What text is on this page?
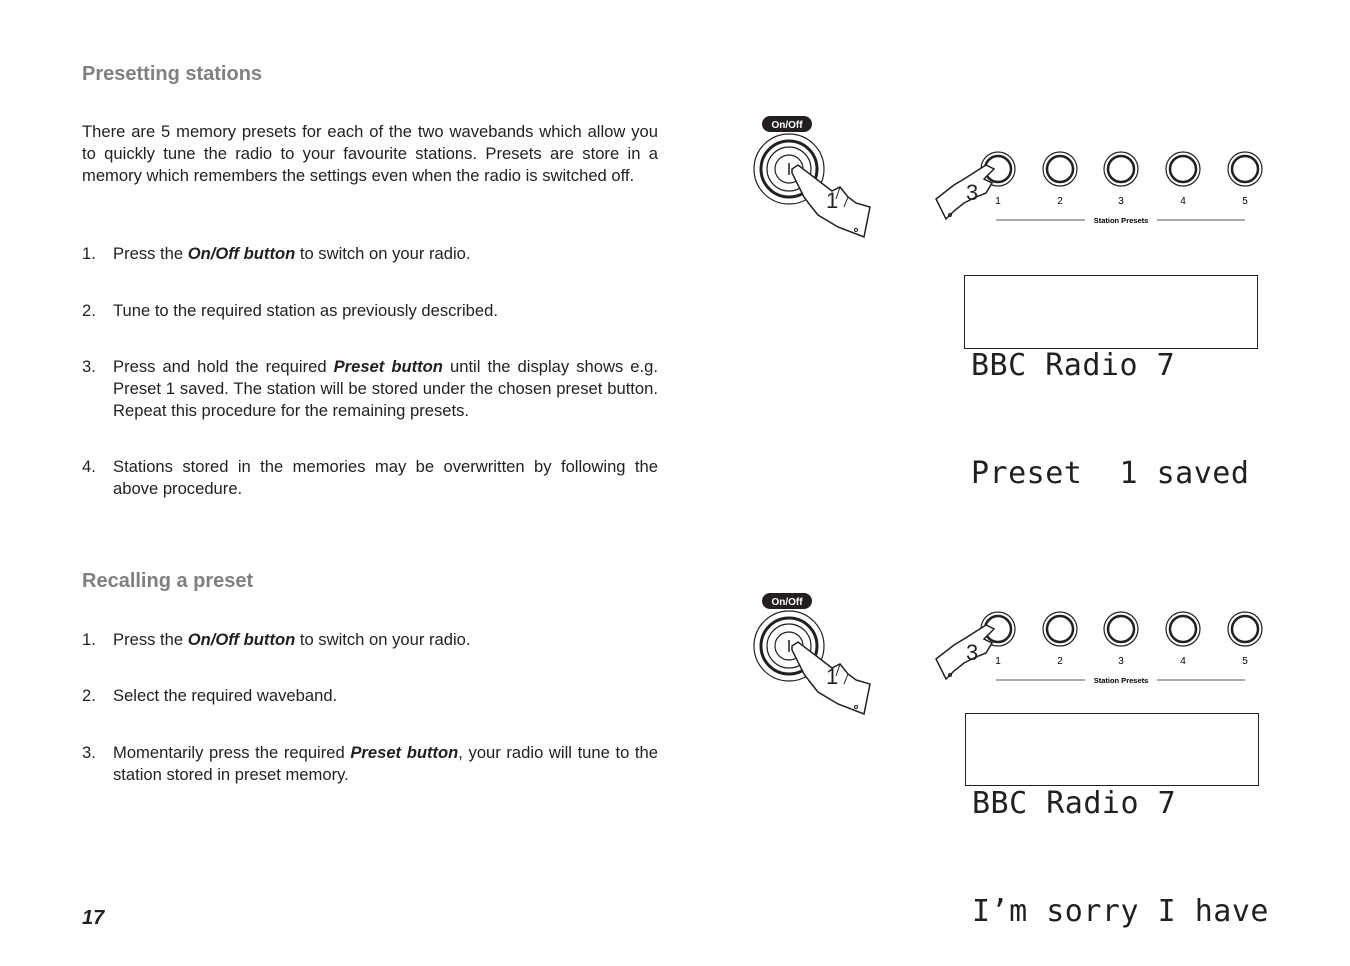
Presetting stations

There are 5 memory presets for each of the two wavebands which allow you to quickly tune the radio to your favourite stations. Presets are store in a memory which remembers the settings even when the radio is switched off.

1. Press the On/Off button to switch on your radio.
2. Tune to the required station as previously described.
3. Press and hold the required Preset button until the display shows e.g. Preset 1 saved. The station will be stored under the chosen preset button. Repeat this procedure for the remaining presets.
4. Stations stored in the memories may be overwritten by following the above procedure.
Recalling a preset
1. Press the On/Off button to switch on your radio.
2. Select the required waveband.
3. Momentarily press the required Preset button, your radio will tune to the station stored in preset memory.
On/Off
1	1	2	3	4	5
Station Presets
3

BBC Radio 7

Preset  1 saved

On/Off
1
1	2	3	4	5
Station Presets
3

BBC Radio 7

I’m sorry I have

17
